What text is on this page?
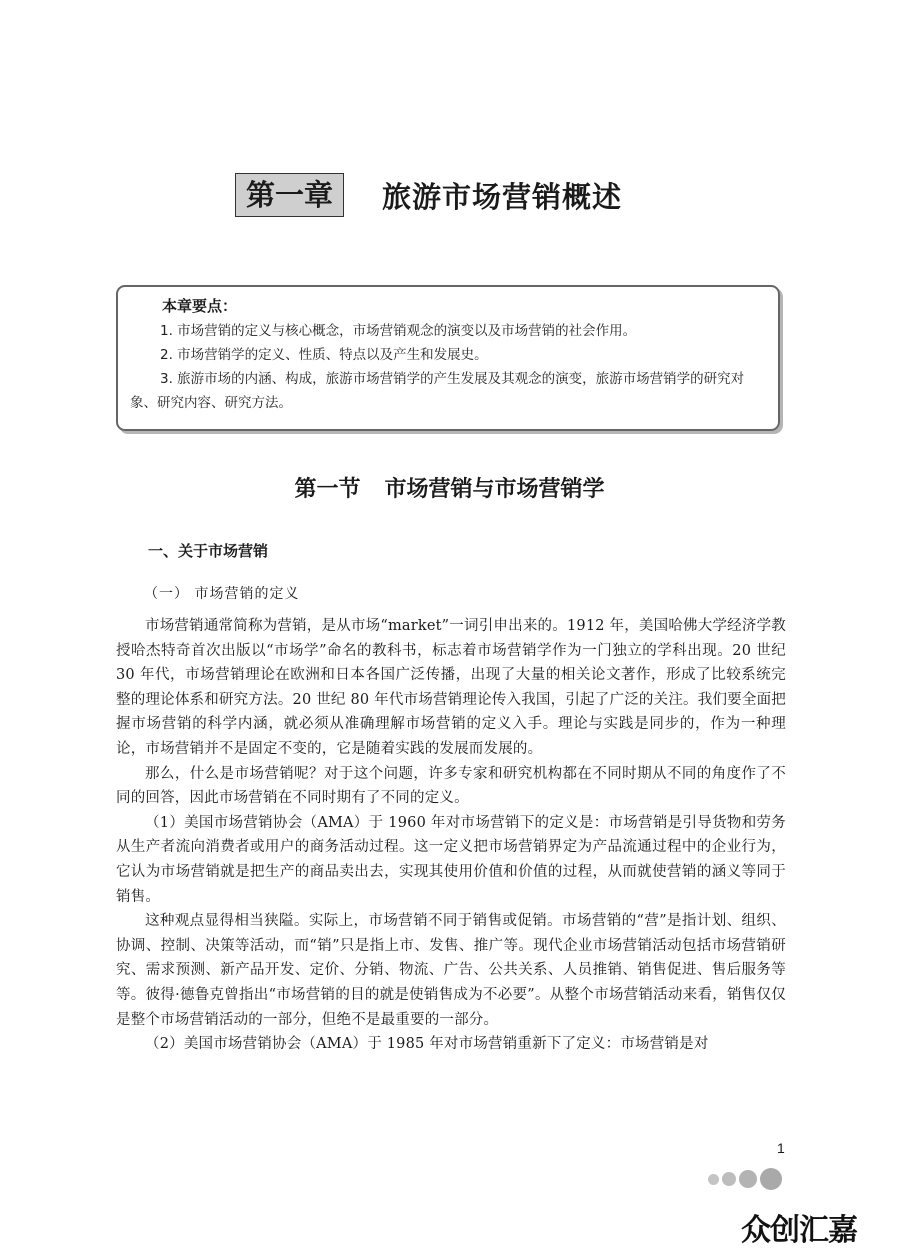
第一章	旅游市场营销概述
本章要点：

1. 市场营销的定义与核心概念，市场营销观念的演变以及市场营销的社会作用。

2. 市场营销学的定义、性质、特点以及产生和发展史。

3. 旅游市场的内涵、构成，旅游市场营销学的产生发展及其观念的演变，旅游市场营销学的研究对象、研究内容、研究方法。

第一节 市场营销与市场营销学
一、关于市场营销
（一） 市场营销的定义

市场营销通常简称为营销，是从市场“market”一词引申出来的。1912 年，美国哈佛大学经济学教授哈杰特奇首次出版以“市场学”命名的教科书，标志着市场营销学作为一门独立的学科出现。20 世纪 30 年代，市场营销理论在欧洲和日本各国广泛传播，出现了大量的相关论文著作，形成了比较系统完整的理论体系和研究方法。20 世纪 80 年代市场营销理论传入我国，引起了广泛的关注。我们要全面把握市场营销的科学内涵，就必须从准确理解市场营销的定义入手。理论与实践是同步的，作为一种理论，市场营销并不是固定不变的，它是随着实践的发展而发展的。

那么，什么是市场营销呢？对于这个问题，许多专家和研究机构都在不同时期从不同的角度作了不同的回答，因此市场营销在不同时期有了不同的定义。

（1）美国市场营销协会（AMA）于 1960 年对市场营销下的定义是：市场营销是引导货物和劳务从生产者流向消费者或用户的商务活动过程。这一定义把市场营销界定为产品流通过程中的企业行为，它认为市场营销就是把生产的商品卖出去，实现其使用价值和价值的过程，从而就使营销的涵义等同于销售。

这种观点显得相当狭隘。实际上，市场营销不同于销售或促销。市场营销的“营”是指计划、组织、协调、控制、决策等活动，而“销”只是指上市、发售、推广等。现代企业市场营销活动包括市场营销研究、需求预测、新产品开发、定价、分销、物流、广告、公共关系、人员推销、销售促进、售后服务等等。彼得·德鲁克曾指出“市场营销的目的就是使销售成为不必要”。从整个市场营销活动来看，销售仅仅是整个市场营销活动的一部分，但绝不是最重要的一部分。

（2）美国市场营销协会（AMA）于 1985 年对市场营销重新下了定义：市场营销是对

1
众创汇嘉
